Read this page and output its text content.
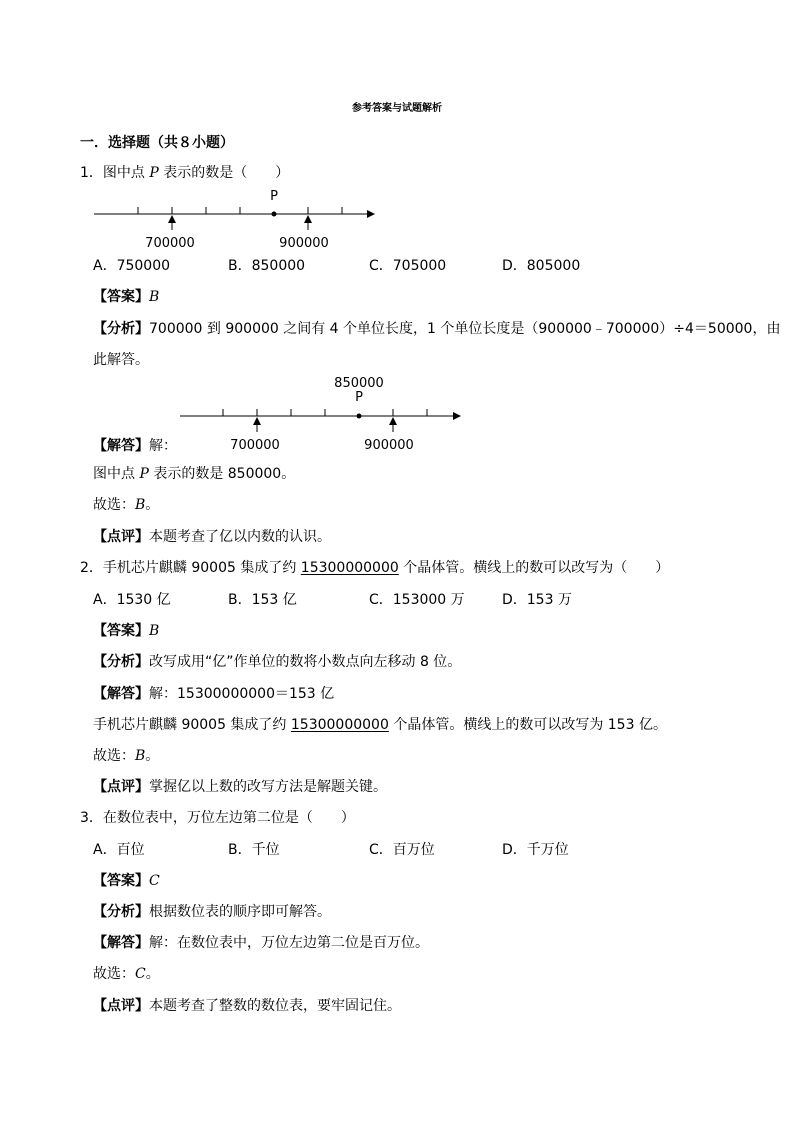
参考答案与试题解析
一．选择题（共８小题）
1．图中点 P 表示的数是（　　）
P
700000	900000
A．750000	B．850000	C．705000	D．805000
【答案】B
【分析】700000 到 900000 之间有 4 个单位长度，1 个单位长度是（900000﹣700000）÷4＝50000，由
此解答。
850000
P
700000	900000
【解答】解：
图中点 P 表示的数是 850000。
故选：B。
【点评】本题考查了亿以内数的认识。
2．手机芯片麒麟 90005 集成了约 15300000000 个晶体管。横线上的数可以改写为（　　）
A．1530 亿	B．153 亿	C．153000 万	D．153 万
【答案】B
【分析】改写成用“亿”作单位的数将小数点向左移动 8 位。
【解答】解：15300000000＝153 亿
手机芯片麒麟 90005 集成了约 15300000000 个晶体管。横线上的数可以改写为 153 亿。
故选：B。
【点评】掌握亿以上数的改写方法是解题关键。
3．在数位表中，万位左边第二位是（　　）
A．百位	B．千位	C．百万位	D．千万位
【答案】C
【分析】根据数位表的顺序即可解答。
【解答】解：在数位表中，万位左边第二位是百万位。
故选：C。
【点评】本题考查了整数的数位表，要牢固记住。
